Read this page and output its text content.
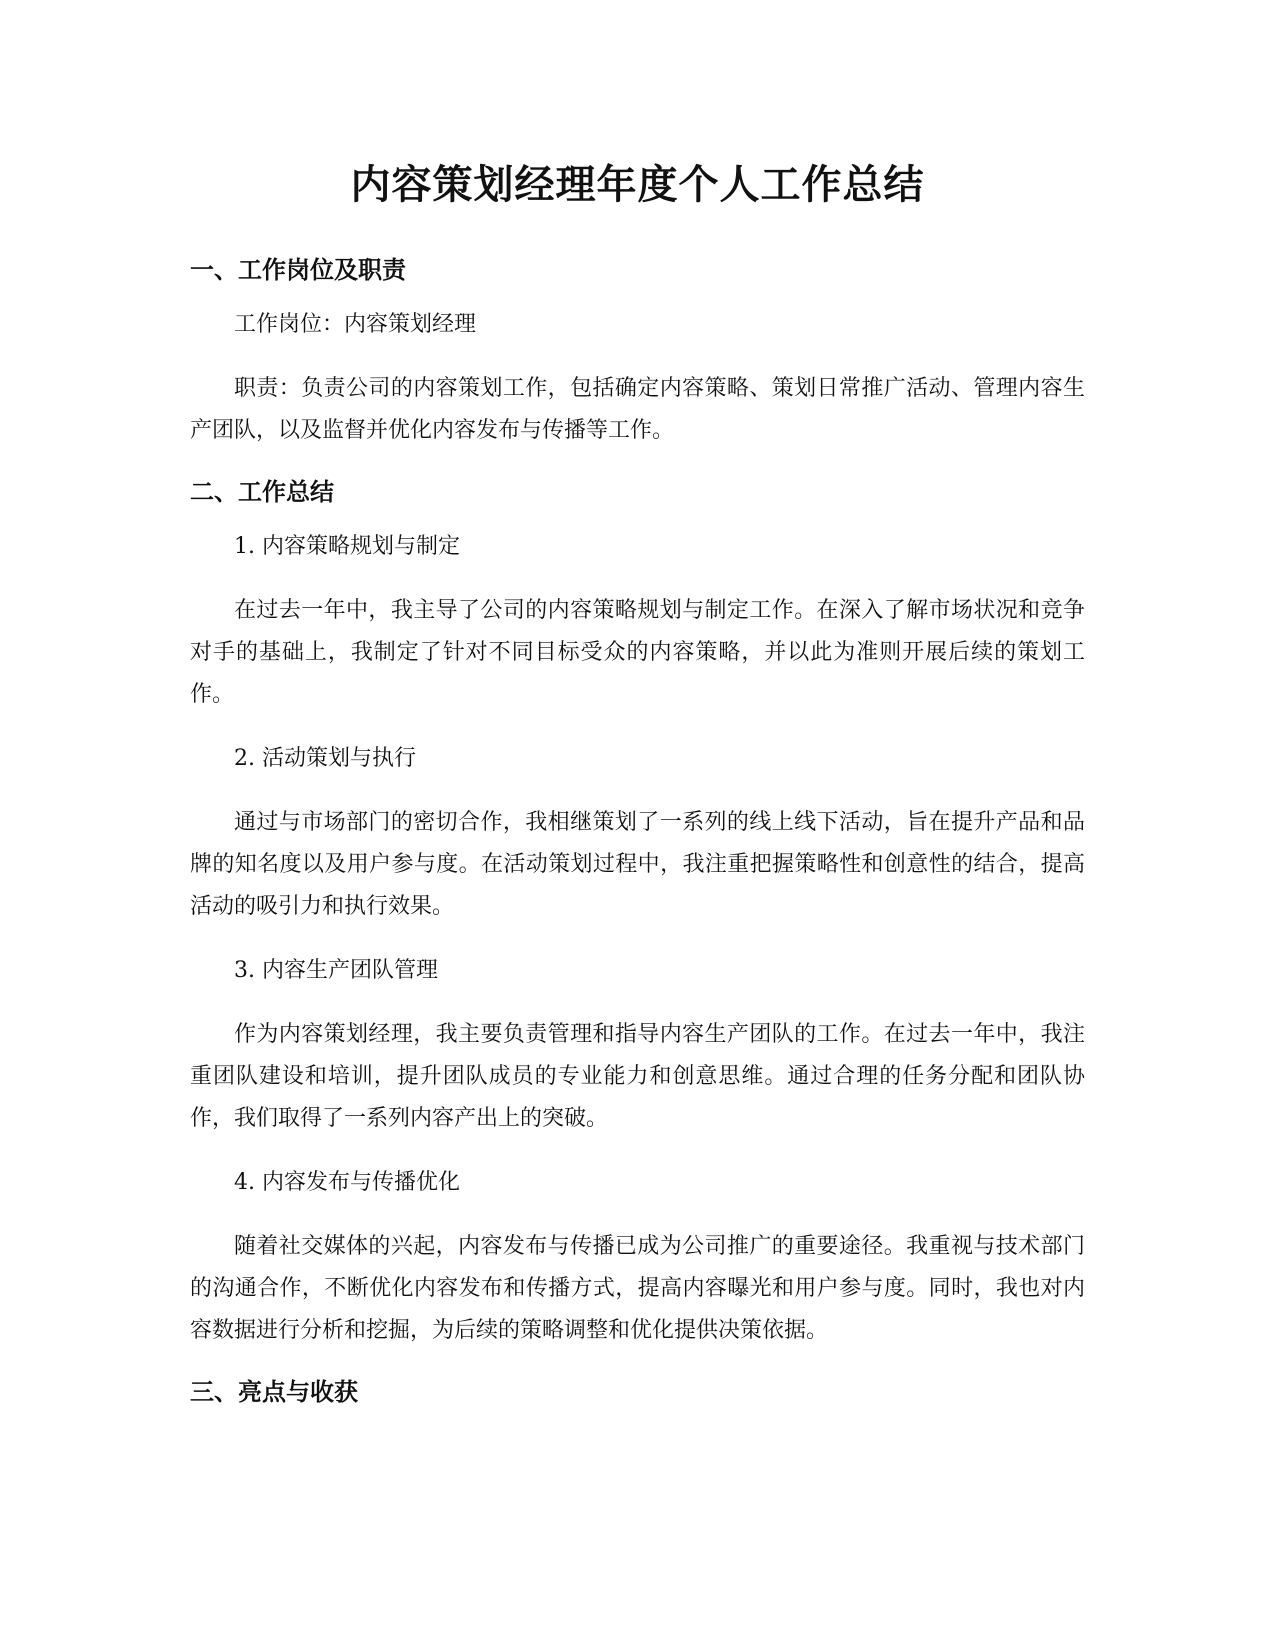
内容策划经理年度个人工作总结
一、工作岗位及职责

工作岗位：内容策划经理

职责：负责公司的内容策划工作，包括确定内容策略、策划日常推广活动、管理内容生产团队，以及监督并优化内容发布与传播等工作。

二、工作总结

1. 内容策略规划与制定

在过去一年中，我主导了公司的内容策略规划与制定工作。在深入了解市场状况和竞争对手的基础上，我制定了针对不同目标受众的内容策略，并以此为准则开展后续的策划工作。

2. 活动策划与执行

通过与市场部门的密切合作，我相继策划了一系列的线上线下活动，旨在提升产品和品牌的知名度以及用户参与度。在活动策划过程中，我注重把握策略性和创意性的结合，提高活动的吸引力和执行效果。

3. 内容生产团队管理

作为内容策划经理，我主要负责管理和指导内容生产团队的工作。在过去一年中，我注重团队建设和培训，提升团队成员的专业能力和创意思维。通过合理的任务分配和团队协作，我们取得了一系列内容产出上的突破。

4. 内容发布与传播优化

随着社交媒体的兴起，内容发布与传播已成为公司推广的重要途径。我重视与技术部门的沟通合作，不断优化内容发布和传播方式，提高内容曝光和用户参与度。同时，我也对内容数据进行分析和挖掘，为后续的策略调整和优化提供决策依据。

三、亮点与收获
